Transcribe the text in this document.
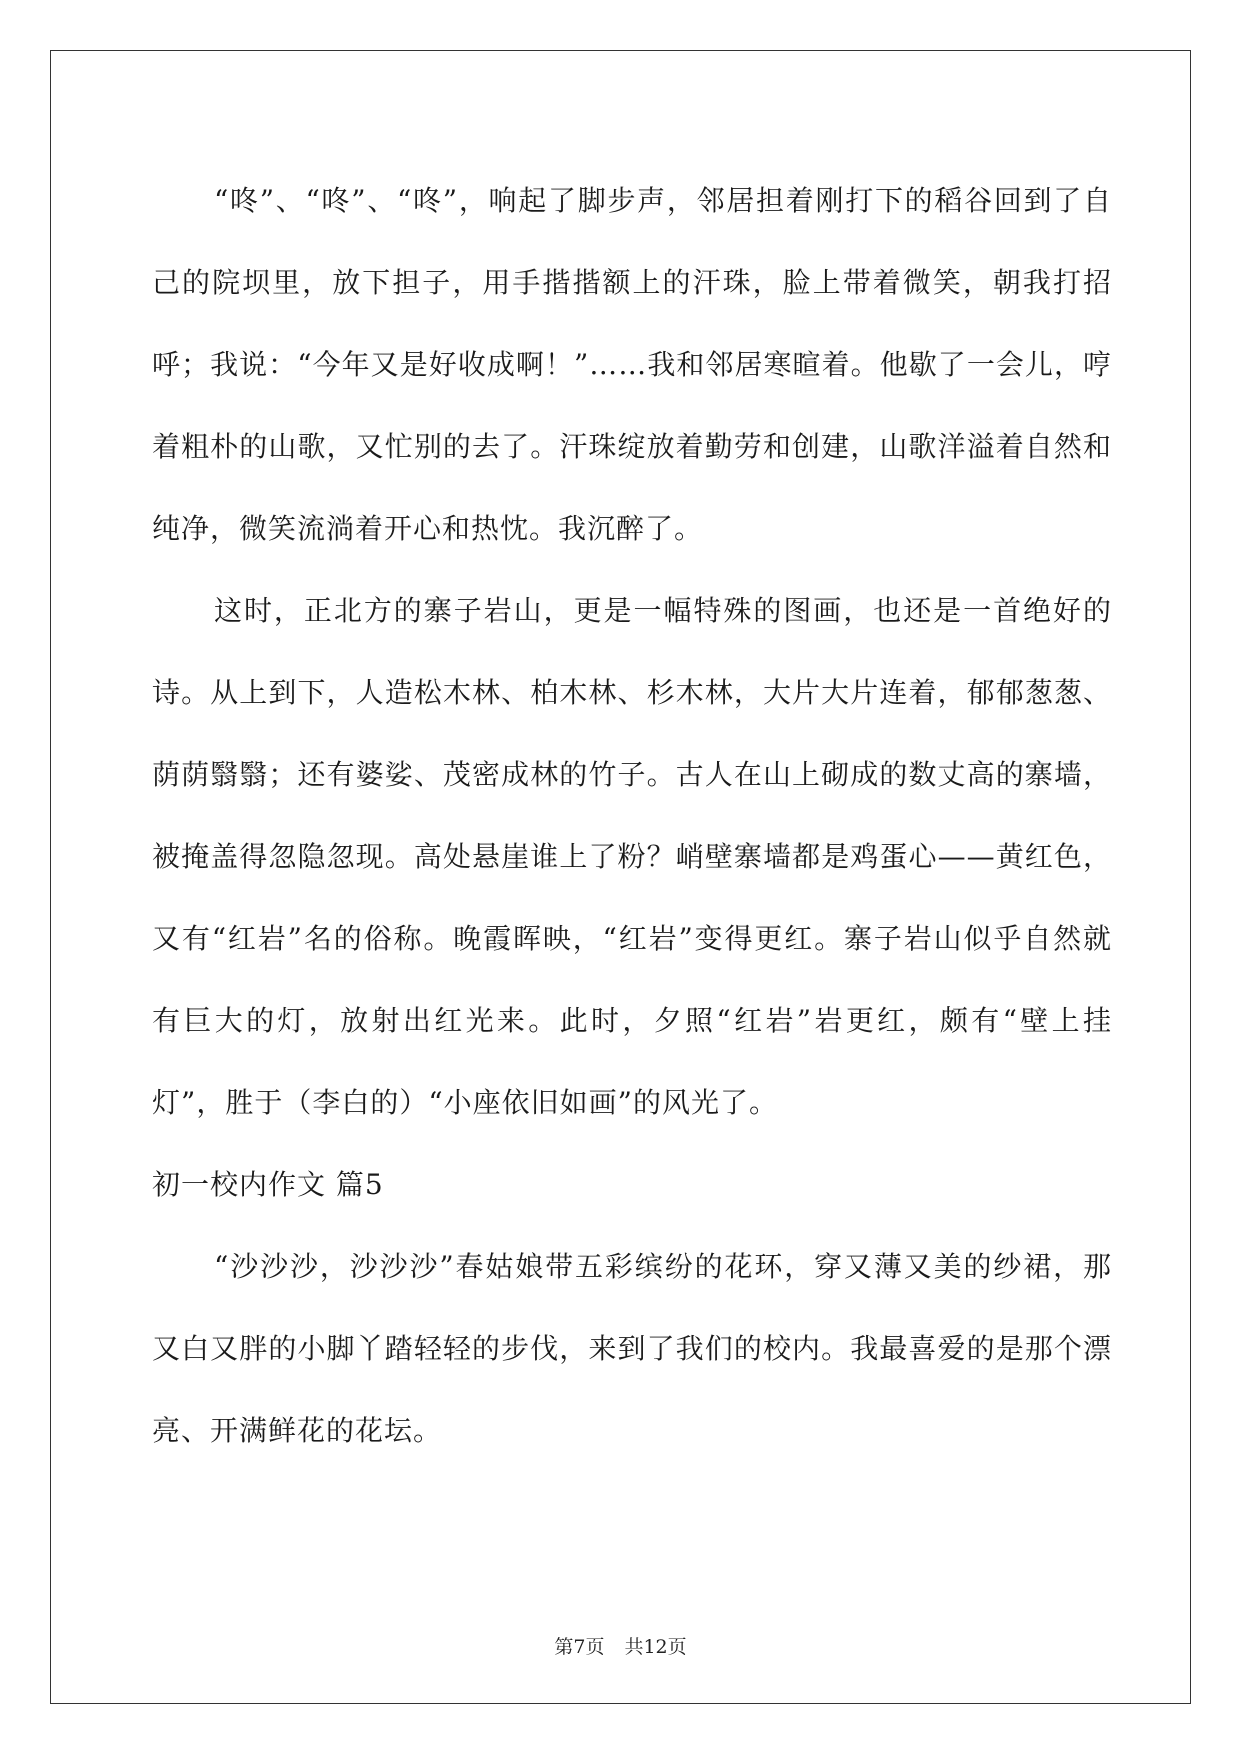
“咚”、“咚”、“咚”，响起了脚步声，邻居担着刚打下的稻谷回到了自己的院坝里，放下担子，用手揩揩额上的汗珠，脸上带着微笑，朝我打招呼；我说：“今年又是好收成啊！”……我和邻居寒暄着。他歇了一会儿，哼着粗朴的山歌，又忙别的去了。汗珠绽放着勤劳和创建，山歌洋溢着自然和纯净，微笑流淌着开心和热忱。我沉醉了。

这时，正北方的寨子岩山，更是一幅特殊的图画，也还是一首绝好的诗。从上到下，人造松木林、柏木林、杉木林，大片大片连着，郁郁葱葱、荫荫翳翳；还有婆娑、茂密成林的竹子。古人在山上砌成的数丈高的寨墙，被掩盖得忽隐忽现。高处悬崖谁上了粉？峭壁寨墙都是鸡蛋心——黄红色，又有“红岩”名的俗称。晚霞晖映，“红岩”变得更红。寨子岩山似乎自然就有巨大的灯，放射出红光来。此时，夕照“红岩”岩更红，颇有“壁上挂灯”，胜于（李白的）“小座依旧如画”的风光了。

初一校内作文 篇5

“沙沙沙，沙沙沙”春姑娘带五彩缤纷的花环，穿又薄又美的纱裙，那又白又胖的小脚丫踏轻轻的步伐，来到了我们的校内。我最喜爱的是那个漂亮、开满鲜花的花坛。

第7页 共12页
